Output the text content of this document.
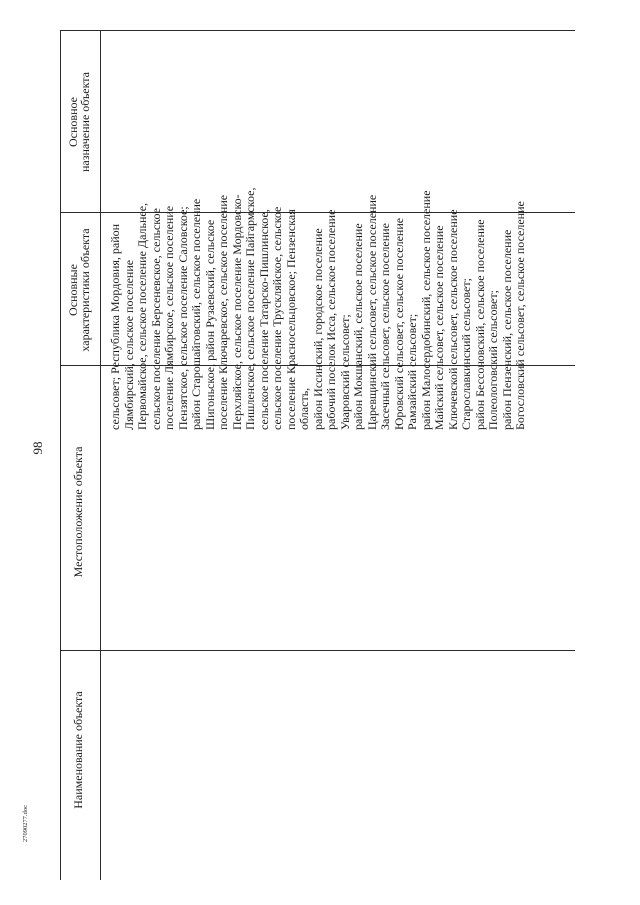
98
27090277.doc
Наименование объекта
Местоположение объекта
Основные
характеристики объекта
Основное
назначение объекта
сельсовет; Республика Мордовия, район Лямбирский, сельское поселение Первомайское, сельское поселение Дальнее, сельское поселение Берсеневское, сельское поселение Лямбирское, сельское поселение Пензятское, сельское поселение Саловское; район Старошайговский, сельское поселение Шигоньское, район Рузаевский, сельское поселение Ключаревское, сельское поселение Перхляйское, сельское поселение Мордовско- Пишленское, сельское поселение Пайгармское, сельское поселение Татарско-Пишлинское, сельское поселение Трускляйское, сельское поселение Красносельцовское; Пензенская область, район Иссинский, городское поселение рабочий поселок Исса, сельское поселение Уваровский сельсовет; район Мокшанский, сельское поселение Царевщинский сельсовет, сельское поселение Засечный сельсовет, сельское поселение Юровский сельсовет, сельское поселение Рамзайский сельсовет; район Малосердобинский, сельское поселение Майский сельсовет, сельское поселение Ключевской сельсовет, сельское поселение Старославкинский сельсовет; район Бессоновский, сельское поселение Полеологовский сельсовет; район Пензенский, сельское поселение Богословский сельсовет, сельское поселение
